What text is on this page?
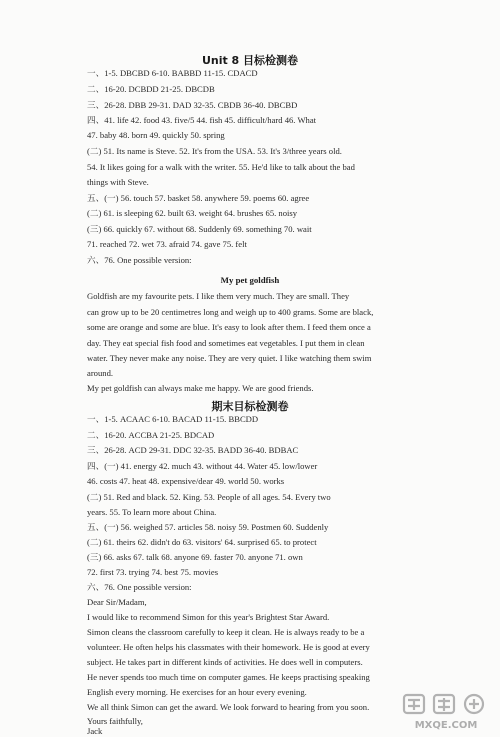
Unit 8 目标检测卷
一、1-5. DBCBD 6-10. BABBD 11-15. CDACD
二、16-20. DCBDD 21-25. DBCDB
三、26-28. DBB 29-31. DAD 32-35. CBDB 36-40. DBCBD
四、41. life 42. food 43. five/5 44. fish 45. difficult/hard 46. What
47. baby 48. born 49. quickly 50. spring
(二) 51. Its name is Steve. 52. It's from the USA. 53. It's 3/three years old.
54. It likes going for a walk with the writer. 55. He'd like to talk about the bad
things with Steve.
五、(一) 56. touch 57. basket 58. anywhere 59. poems 60. agree
(二) 61. is sleeping 62. built 63. weight 64. brushes 65. noisy
(三) 66. quickly 67. without 68. Suddenly 69. something 70. wait
71. reached 72. wet 73. afraid 74. gave 75. felt
六、76. One possible version:
My pet goldfish
Goldfish are my favourite pets. I like them very much. They are small. They
can grow up to be 20 centimetres long and weigh up to 400 grams. Some are black,
some are orange and some are blue. It's easy to look after them. I feed them once a
day. They eat special fish food and sometimes eat vegetables. I put them in clean
water. They never make any noise. They are very quiet. I like watching them swim
around.
My pet goldfish can always make me happy. We are good friends.
期末目标检测卷
一、1-5. ACAAC 6-10. BACAD 11-15. BBCDD
二、16-20. ACCBA 21-25. BDCAD
三、26-28. ACD 29-31. DDC 32-35. BADD 36-40. BDBAC
四、(一) 41. energy 42. much 43. without 44. Water 45. low/lower
46. costs 47. heat 48. expensive/dear 49. world 50. works
(二) 51. Red and black. 52. King. 53. People of all ages. 54. Every two
years. 55. To learn more about China.
五、(一) 56. weighed 57. articles 58. noisy 59. Postmen 60. Suddenly
(二) 61. theirs 62. didn't do 63. visitors' 64. surprised 65. to protect
(三) 66. asks 67. talk 68. anyone 69. faster 70. anyone 71. own
72. first 73. trying 74. best 75. movies
六、76. One possible version:
Dear Sir/Madam,
I would like to recommend Simon for this year's Brightest Star Award.
Simon cleans the classroom carefully to keep it clean. He is always ready to be a
volunteer. He often helps his classmates with their homework. He is good at every
subject. He takes part in different kinds of activities. He does well in computers.
He never spends too much time on computer games. He keeps practising speaking
English every morning. He exercises for an hour every evening.
We all think Simon can get the award. We look forward to hearing from you soon.
Yours faithfully,
Jack	MXQE.COM
